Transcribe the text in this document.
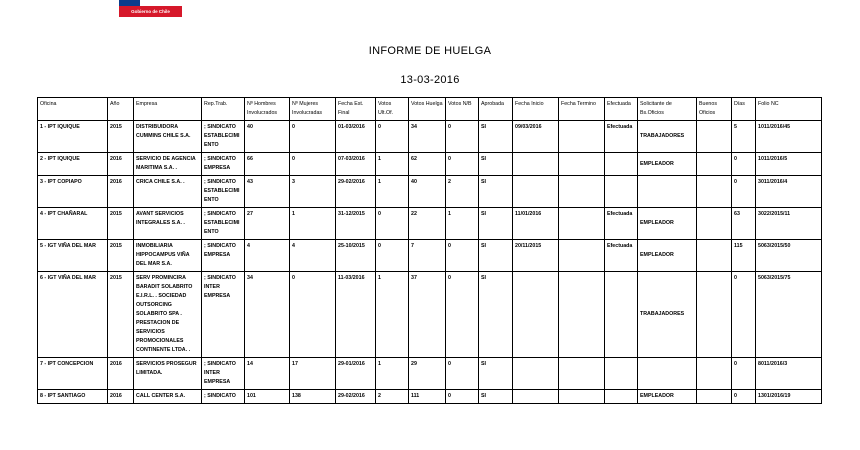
Gobierno de Chile
INFORME DE HUELGA
13-03-2016
Oficina	Año	Empresa	Rep.Trab.	Nº Hombres Involucrados	Nº Mujeres Involucradas	Fecha Est. Final	Votos Ult.Of.	Votos Huelga	Votos N/B	Aprobada	Fecha Inicio	Fecha Termino	Efectuada	Solicitante de Bs.Oficios	Buenos Oficios	Días	Folio NC
1 - IPT IQUIQUE	2015	DISTRIBUIDORA CUMMINS CHILE S.A.	; SINDICATO ESTABLECIMIENTO	40	0	01-03/2016	0	34	0	SI	09/03/2016		Efectuada	TRABAJADORES		5	1011/2016/45
2 - IPT IQUIQUE	2016	SERVICIO DE AGENCIA MARITIMA S.A. .	; SINDICATO EMPRESA	66	0	07-03/2016	1	62	0	SI				EMPLEADOR		0	1011/2016/5
3 - IPT COPIAPO	2016	CRICA CHILE S.A. .	; SINDICATO ESTABLECIMIENTO	43	3	29-02/2016	1	40	2	SI						0	3011/2016/4
4 - IPT CHAÑARAL	2015	AVANT SERVICIOS INTEGRALES S.A. .	; SINDICATO ESTABLECIMIENTO	27	1	31-12/2015	0	22	1	SI	11/01/2016		Efectuada	EMPLEADOR		63	3022/2015/11
5 - IGT VIÑA DEL MAR	2015	INMOBILIARIA HIPPOCAMPUS VIÑA DEL MAR S.A.	; SINDICATO EMPRESA	4	4	25-10/2015	0	7	0	SI	20/11/2015		Efectuada	EMPLEADOR		115	5063/2015/50
6 - IGT VIÑA DEL MAR	2015	SERV PROMINCIRA BARADIT SOLABRITO E.I.R.L. . SOCIEDAD OUTSORCING SOLABRITO SPA . PRESTACION DE SERVICIOS PROMOCIONALES CONTINENTE LTDA. .	; SINDICATO INTER EMPRESA	34	0	11-03/2016	1	37	0	SI				TRABAJADORES		0	5063/2015/75
7 - IPT CONCEPCION	2016	SERVICIOS PROSEGUR LIMITADA.	; SINDICATO INTER EMPRESA	14	17	29-01/2016	1	29	0	SI						0	8011/2016/3
8 - IPT SANTIAGO	2016	CALL CENTER S.A.	; SINDICATO	101	138	29-02/2016	2	111	0	SI				EMPLEADOR		0	1301/2016/19
